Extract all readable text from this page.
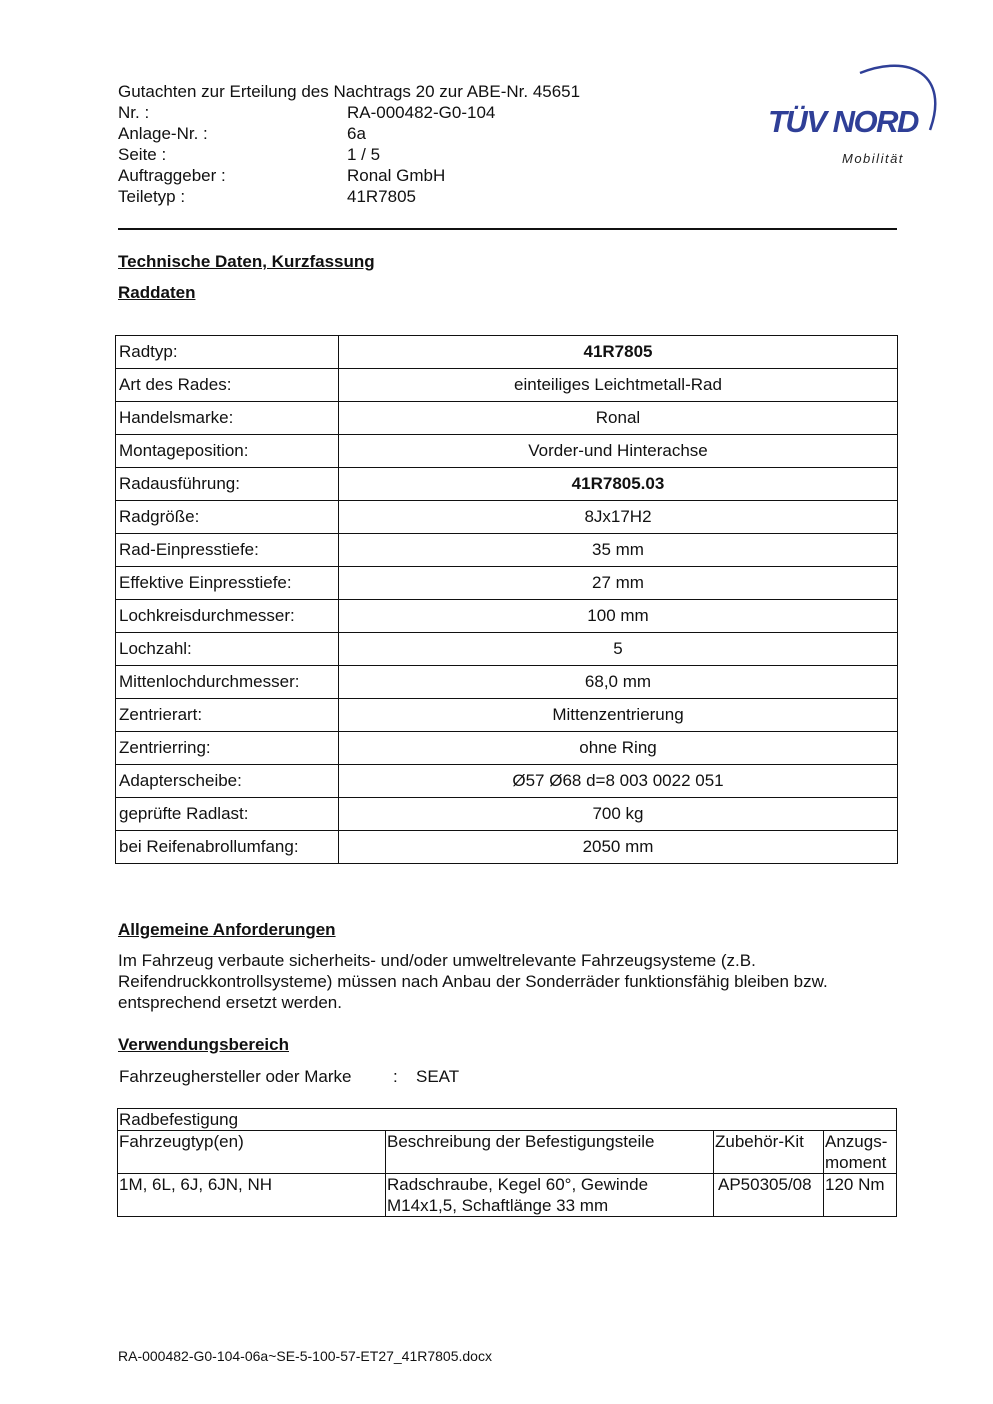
Gutachten zur Erteilung des Nachtrags 20 zur ABE-Nr. 45651
Nr. :	RA-000482-G0-104
Anlage-Nr. :	6a
Seite :	1 / 5
Auftraggeber :	Ronal GmbH
Teiletyp :	41R7805
TÜV NORD
Mobilität
Technische Daten, Kurzfassung
Raddaten
Radtyp:	41R7805
Art des Rades:	einteiliges Leichtmetall-Rad
Handelsmarke:	Ronal
Montageposition:	Vorder-und Hinterachse
Radausführung:	41R7805.03
Radgröße:	8Jx17H2
Rad-Einpresstiefe:	35 mm
Effektive Einpresstiefe:	27 mm
Lochkreisdurchmesser:	100 mm
Lochzahl:	5
Mittenlochdurchmesser:	68,0 mm
Zentrierart:	Mittenzentrierung
Zentrierring:	ohne Ring
Adapterscheibe:	Ø57 Ø68 d=8 003 0022 051
geprüfte Radlast:	700 kg
bei Reifenabrollumfang:	2050 mm
Allgemeine Anforderungen
Im Fahrzeug verbaute sicherheits- und/oder umweltrelevante Fahrzeugsysteme (z.B. Reifendruckkontrollsysteme) müssen nach Anbau der Sonderräder funktionsfähig bleiben bzw. entsprechend ersetzt werden.
Verwendungsbereich
Fahrzeughersteller oder Marke : SEAT
Radbefestigung			
Fahrzeugtyp(en)	Beschreibung der Befestigungsteile	Zubehör-Kit	Anzugs-moment
1M, 6L, 6J, 6JN, NH	Radschraube, Kegel 60°, Gewinde M14x1,5, Schaftlänge 33 mm	AP50305/08	120 Nm
RA-000482-G0-104-06a~SE-5-100-57-ET27_41R7805.docx
